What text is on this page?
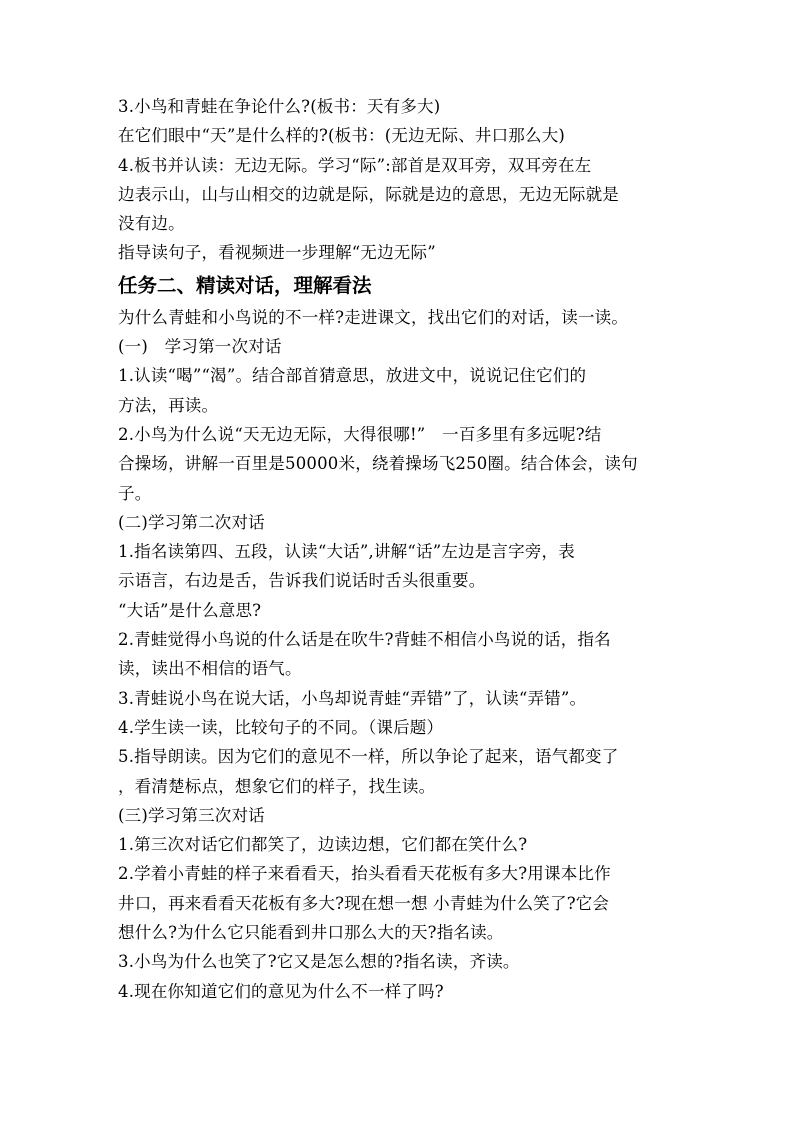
3.小鸟和青蛙在争论什么?(板书：天有多大)
在它们眼中“天”是什么样的?(板书：(无边无际、井口那么大)
4.板书并认读：无边无际。学习“际”:部首是双耳旁，双耳旁在左
边表示山，山与山相交的边就是际，际就是边的意思，无边无际就是
没有边。
指导读句子，看视频进一步理解“无边无际”
任务二、精读对话，理解看法
为什么青蛙和小鸟说的不一样?走进课文，找出它们的对话，读一读。
(一)　学习第一次对话
1.认读“喝”“渴”。结合部首猜意思，放进文中，说说记住它们的
方法，再读。
2.小鸟为什么说“天无边无际，大得很哪!”　一百多里有多远呢?结
合操场，讲解一百里是50000米，绕着操场飞250圈。结合体会，读句
子。
(二)学习第二次对话
1.指名读第四、五段，认读“大话”,讲解“话”左边是言字旁，表
示语言，右边是舌，告诉我们说话时舌头很重要。
“大话”是什么意思?
2.青蛙觉得小鸟说的什么话是在吹牛?背蛙不相信小鸟说的话，指名
读，读出不相信的语气。
3.青蛙说小鸟在说大话，小鸟却说青蛙“弄错”了，认读“弄错”。
4.学生读一读，比较句子的不同。（课后题）
5.指导朗读。因为它们的意见不一样，所以争论了起来，语气都变了
，看清楚标点，想象它们的样子，找生读。
(三)学习第三次对话
1.第三次对话它们都笑了，边读边想，它们都在笑什么?
2.学着小青蛙的样子来看看天，抬头看看天花板有多大?用课本比作
井口，再来看看天花板有多大?现在想一想 小青蛙为什么笑了?它会
想什么?为什么它只能看到井口那么大的天?指名读。
3.小鸟为什么也笑了?它又是怎么想的?指名读，齐读。
4.现在你知道它们的意见为什么不一样了吗?
